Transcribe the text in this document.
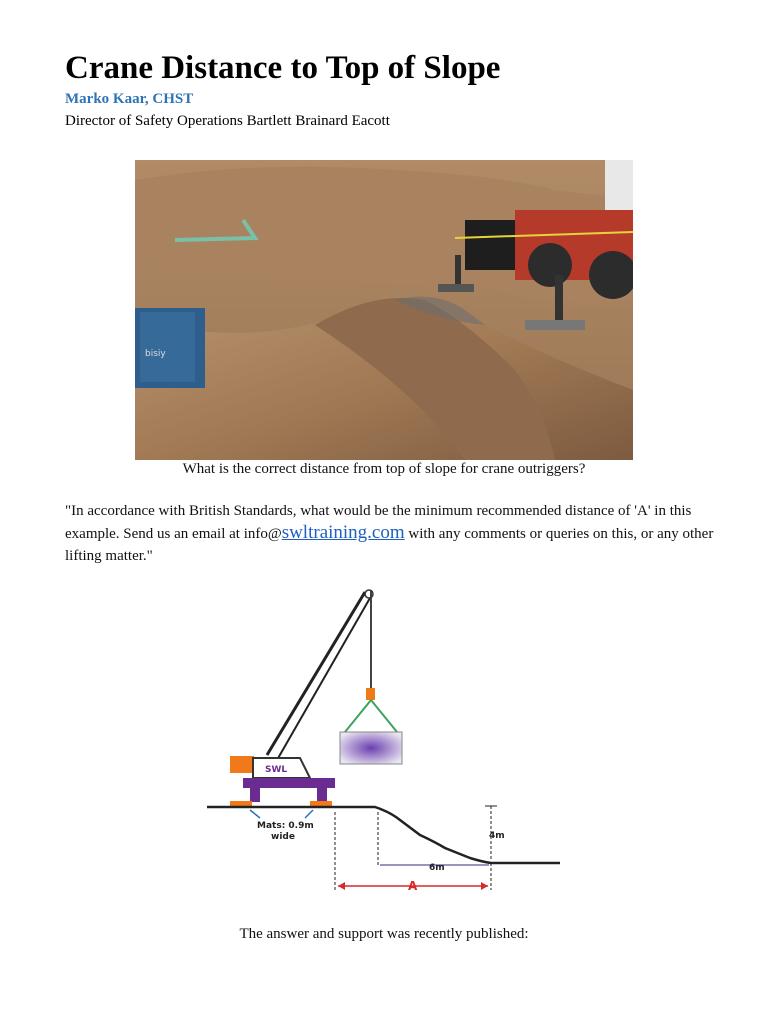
Crane Distance to Top of Slope
Marko Kaar, CHST
Director of Safety Operations Bartlett Brainard Eacott
bisiy
What is the correct distance from top of slope for crane outriggers?
"In accordance with British Standards, what would be the minimum recommended distance of 'A' in this example. Send us an email at info@swltraining.com with any comments or queries on this, or any other lifting matter."
SWL
Mats: 0.9m
wide	4m
6m
A
The answer and support was recently published:
